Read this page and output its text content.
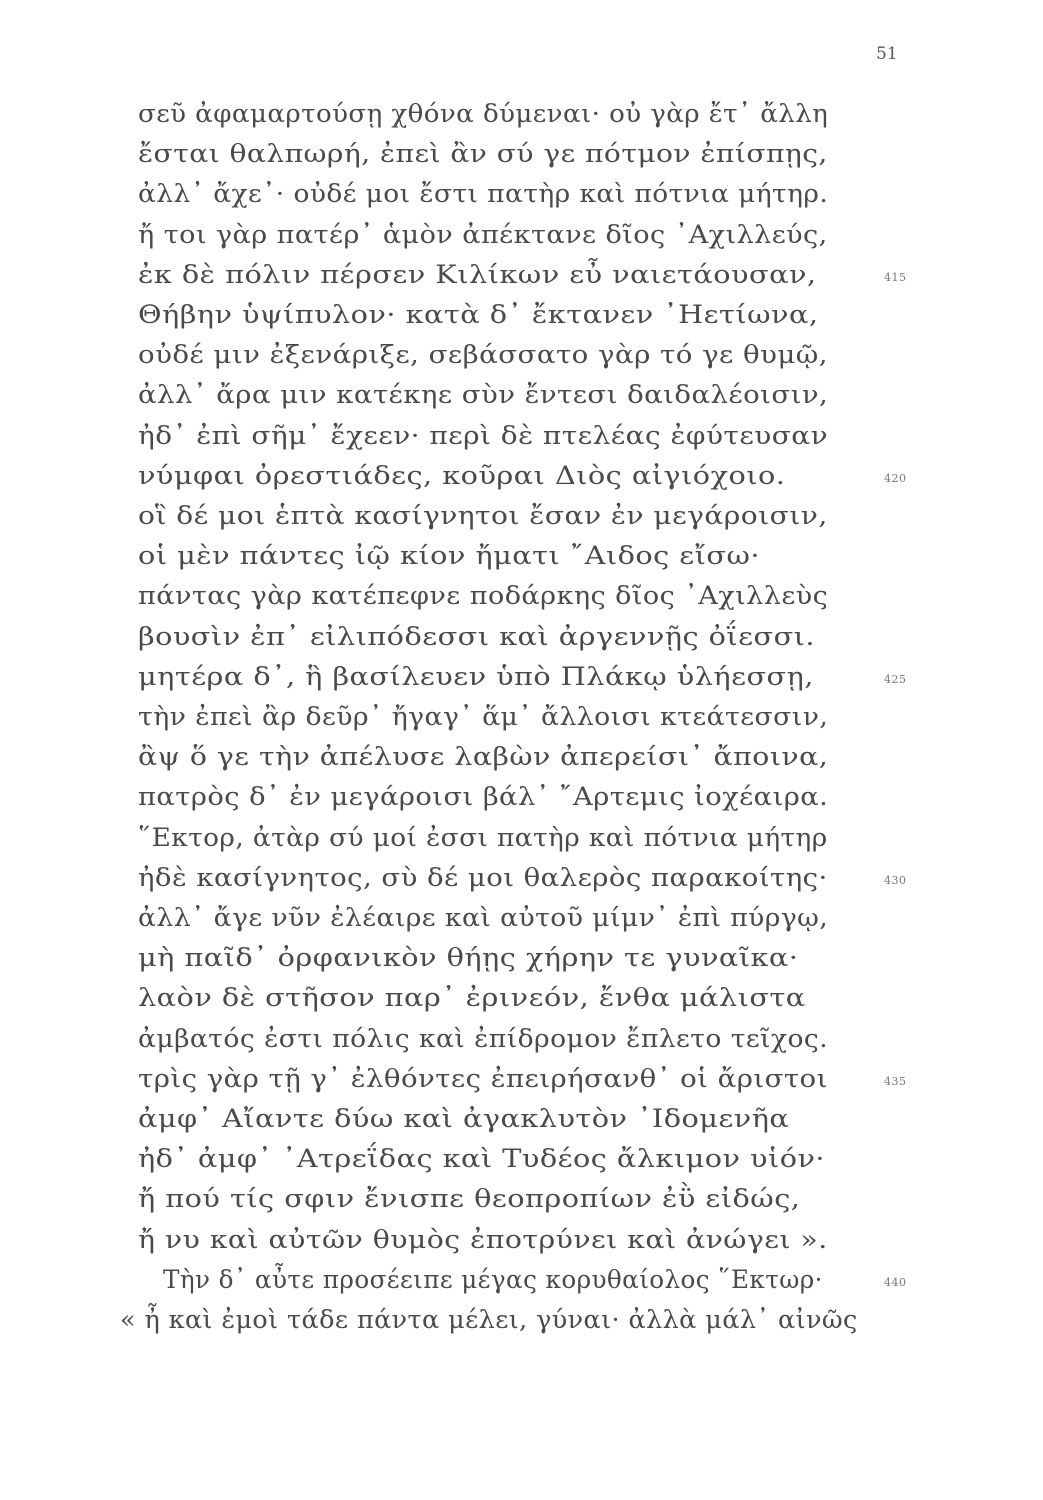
51
σεῦ ἀφαμαρτούσῃ χθόνα δύμεναι· οὐ γὰρ ἔτ᾽ ἄλλη
ἔσται θαλπωρή, ἐπεὶ ἂν σύ γε πότμον ἐπίσπῃς,
ἀλλ᾽ ἄχε᾽· οὐδέ μοι ἔστι πατὴρ καὶ πότνια μήτηρ.
ἤ τοι γὰρ πατέρ᾽ ἁμὸν ἀπέκτανε δῖος ᾽Αχιλλεύς,
ἐκ δὲ πόλιν πέρσεν Κιλίκων εὖ ναιετάουσαν,	415
Θήβην ὑψίπυλον· κατὰ δ᾽ ἔκτανεν ᾽Ηετίωνα,
οὐδέ μιν ἐξενάριξε, σεβάσσατο γὰρ τό γε θυμῷ,
ἀλλ᾽ ἄρα μιν κατέκηε σὺν ἔντεσι δαιδαλέοισιν,
ἠδ᾽ ἐπὶ σῆμ᾽ ἔχεεν· περὶ δὲ πτελέας ἐφύτευσαν
νύμφαι ὀρεστιάδες, κοῦραι Διὸς αἰγιόχοιο.	420
οἳ δέ μοι ἑπτὰ κασίγνητοι ἔσαν ἐν μεγάροισιν,
οἱ μὲν πάντες ἰῷ κίον ἤματι ῎Αιδος εἴσω·
πάντας γὰρ κατέπεφνε ποδάρκης δῖος ᾽Αχιλλεὺς
βουσὶν ἐπ᾽ εἰλιπόδεσσι καὶ ἀργεννῇς ὀΐεσσι.
μητέρα δ᾽, ἣ βασίλευεν ὑπὸ Πλάκῳ ὑλήεσσῃ,	425
τὴν ἐπεὶ ἂρ δεῦρ᾽ ἤγαγ᾽ ἅμ᾽ ἄλλοισι κτεάτεσσιν,
ἂψ ὅ γε τὴν ἀπέλυσε λαβὼν ἀπερείσι᾽ ἄποινα,
πατρὸς δ᾽ ἐν μεγάροισι βάλ᾽ ῎Αρτεμις ἰοχέαιρα.
῞Εκτορ, ἀτὰρ σύ μοί ἐσσι πατὴρ καὶ πότνια μήτηρ
ἠδὲ κασίγνητος, σὺ δέ μοι θαλερὸς παρακοίτης·	430
ἀλλ᾽ ἄγε νῦν ἐλέαιρε καὶ αὐτοῦ μίμν᾽ ἐπὶ πύργῳ,
μὴ παῖδ᾽ ὀρφανικὸν θήῃς χήρην τε γυναῖκα·
λαὸν δὲ στῆσον παρ᾽ ἐρινεόν, ἔνθα μάλιστα
ἀμβατός ἐστι πόλις καὶ ἐπίδρομον ἔπλετο τεῖχος.
τρὶς γὰρ τῇ γ᾽ ἐλθόντες ἐπειρήσανθ᾽ οἱ ἄριστοι	435
ἀμφ᾽ Αἴαντε δύω καὶ ἀγακλυτὸν ᾽Ιδομενῆα
ἠδ᾽ ἀμφ᾽ ᾽Ατρεΐδας καὶ Τυδέος ἄλκιμον υἱόν·
ἤ πού τίς σφιν ἔνισπε θεοπροπίων ἐῢ εἰδώς,
ἤ νυ καὶ αὐτῶν θυμὸς ἐποτρύνει καὶ ἀνώγει ».
Τὴν δ᾽ αὖτε προσέειπε μέγας κορυθαίολος ῞Εκτωρ·	440
« ἦ καὶ ἐμοὶ τάδε πάντα μέλει, γύναι· ἀλλὰ μάλ᾽ αἰνῶς
